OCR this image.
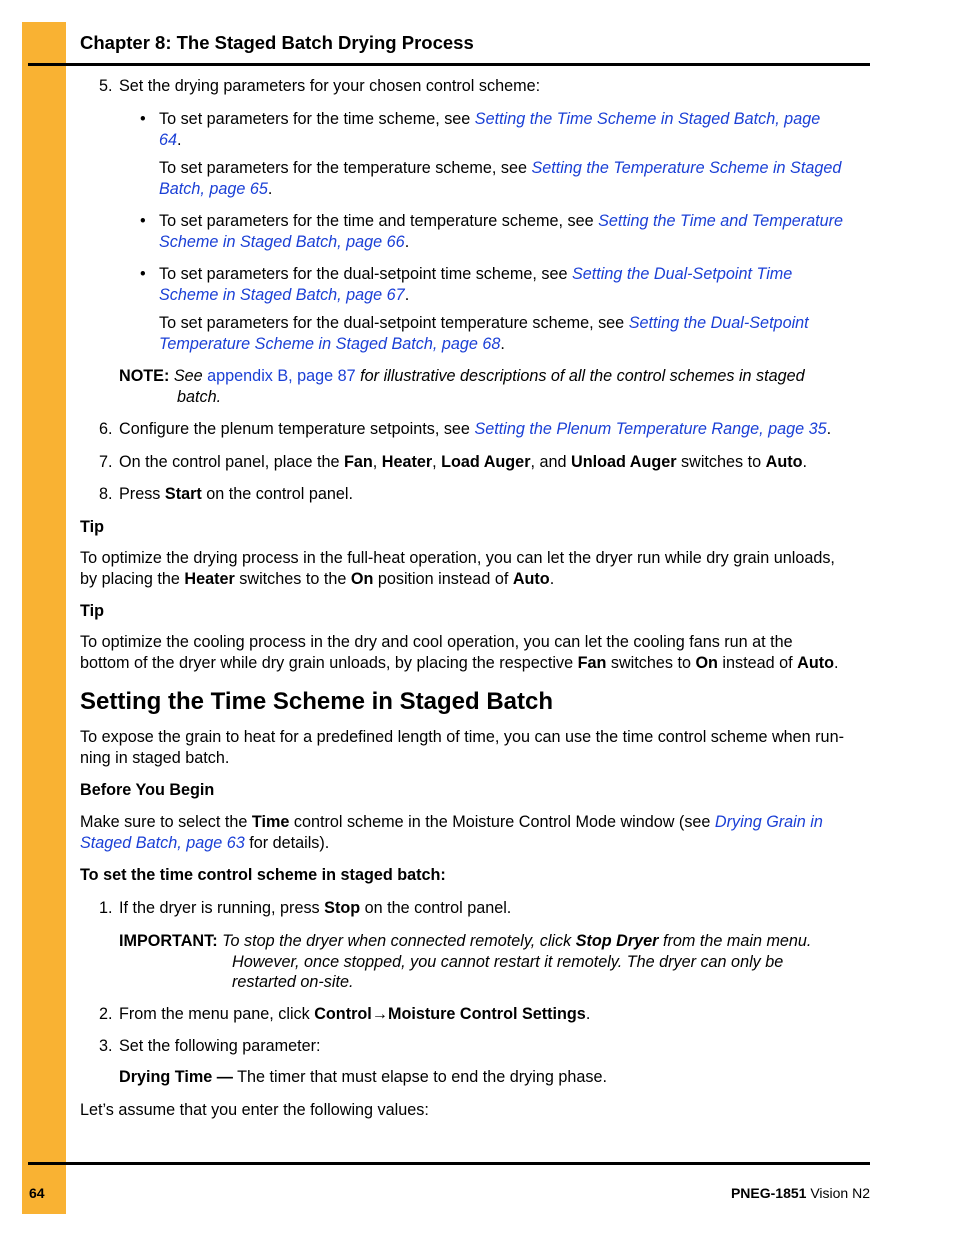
Chapter 8: The Staged Batch Drying Process
5. Set the drying parameters for your chosen control scheme:
• To set parameters for the time scheme, see Setting the Time Scheme in Staged Batch, page
64.
To set parameters for the temperature scheme, see Setting the Temperature Scheme in Staged
Batch, page 65.
• To set parameters for the time and temperature scheme, see Setting the Time and Temperature
Scheme in Staged Batch, page 66.
• To set parameters for the dual-setpoint time scheme, see Setting the Dual-Setpoint Time
Scheme in Staged Batch, page 67.
To set parameters for the dual-setpoint temperature scheme, see Setting the Dual-Setpoint
Temperature Scheme in Staged Batch, page 68.
NOTE: See appendix B, page 87 for illustrative descriptions of all the control schemes in staged
batch.
6. Configure the plenum temperature setpoints, see Setting the Plenum Temperature Range, page 35.
7. On the control panel, place the Fan, Heater, Load Auger, and Unload Auger switches to Auto.
8. Press Start on the control panel.
Tip
To optimize the drying process in the full-heat operation, you can let the dryer run while dry grain unloads,
by placing the Heater switches to the On position instead of Auto.
Tip
To optimize the cooling process in the dry and cool operation, you can let the cooling fans run at the
bottom of the dryer while dry grain unloads, by placing the respective Fan switches to On instead of Auto.
Setting the Time Scheme in Staged Batch
To expose the grain to heat for a predefined length of time, you can use the time control scheme when run-
ning in staged batch.
Before You Begin
Make sure to select the Time control scheme in the Moisture Control Mode window (see Drying Grain in
Staged Batch, page 63 for details).
To set the time control scheme in staged batch:
1. If the dryer is running, press Stop on the control panel.
IMPORTANT: To stop the dryer when connected remotely, click Stop Dryer from the main menu.
However, once stopped, you cannot restart it remotely. The dryer can only be
restarted on-site.
2. From the menu pane, click Control→Moisture Control Settings.
3. Set the following parameter:
Drying Time — The timer that must elapse to end the drying phase.
Let’s assume that you enter the following values:
64	PNEG-1851 Vision N2
